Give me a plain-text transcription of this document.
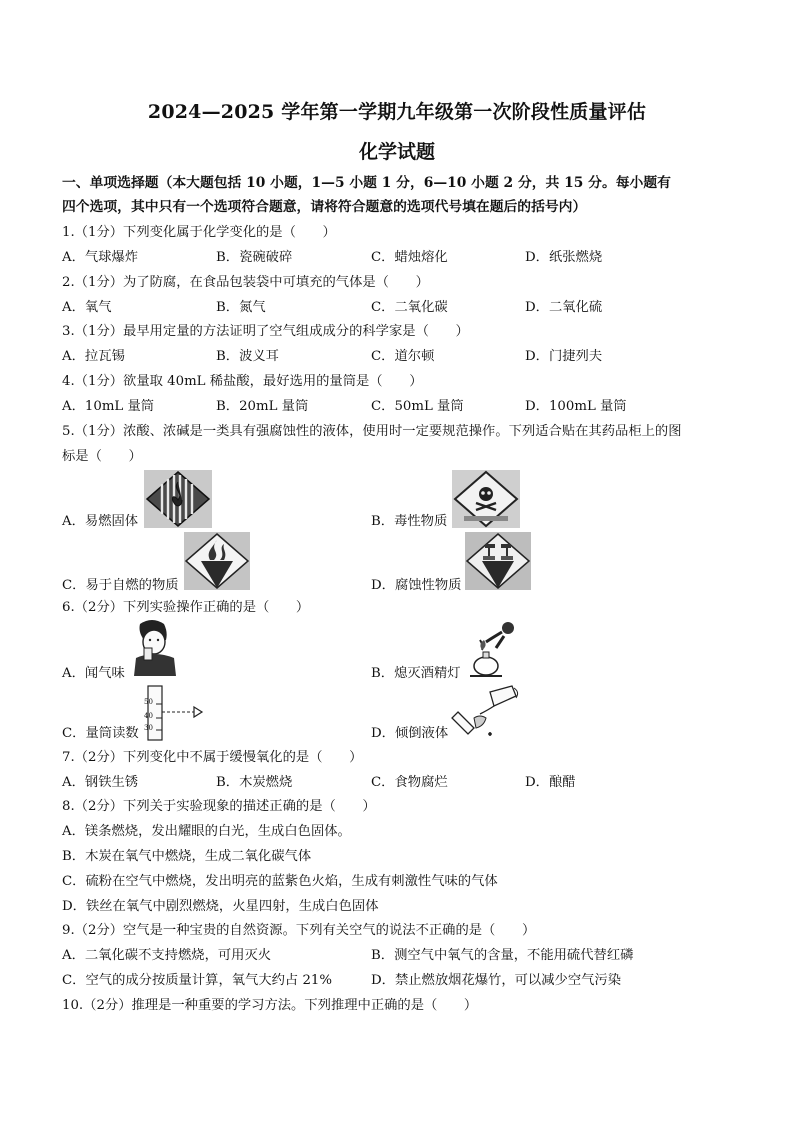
2024—2025 学年第一学期九年级第一次阶段性质量评估
化学试题
一、单项选择题（本大题包括 10 小题，1—5 小题 1 分，6—10 小题 2 分，共 15 分。每小题有
四个选项，其中只有一个选项符合题意，请将符合题意的选项代号填在题后的括号内）
1.（1分）下列变化属于化学变化的是（　　）
A．气球爆炸	B．瓷碗破碎	C．蜡烛熔化	D．纸张燃烧
2.（1分）为了防腐，在食品包装袋中可填充的气体是（　　）
A．氧气	B．氮气	C．二氧化碳	D．二氧化硫
3.（1分）最早用定量的方法证明了空气组成成分的科学家是（　　）
A．拉瓦锡	B．波义耳	C．道尔顿	D．门捷列夫
4.（1分）欲量取 40mL 稀盐酸，最好选用的量筒是（　　）
A．10mL 量筒	B．20mL 量筒	C．50mL 量筒	D．100mL 量筒
5.（1分）浓酸、浓碱是一类具有强腐蚀性的液体，使用时一定要规范操作。下列适合贴在其药品柜上的图
标是（　　）
A．易燃固体	B．毒性物质
C．易于自燃的物质	D．腐蚀性物质
6.（2分）下列实验操作正确的是（　　）
A．闻气味	B．熄灭酒精灯
C．量筒读数
50
40
30	D．倾倒液体
7.（2分）下列变化中不属于缓慢氧化的是（　　）
A．钢铁生锈	B．木炭燃烧	C．食物腐烂	D．酿醋
8.（2分）下列关于实验现象的描述正确的是（　　）
A．镁条燃烧，发出耀眼的白光，生成白色固体。
B．木炭在氧气中燃烧，生成二氧化碳气体
C．硫粉在空气中燃烧，发出明亮的蓝紫色火焰，生成有刺激性气味的气体
D．铁丝在氧气中剧烈燃烧，火星四射，生成白色固体
9.（2分）空气是一种宝贵的自然资源。下列有关空气的说法不正确的是（　　）
A．二氧化碳不支持燃烧，可用灭火	B．测空气中氧气的含量，不能用硫代替红磷
C．空气的成分按质量计算，氧气大约占 21%	D．禁止燃放烟花爆竹，可以减少空气污染
10.（2分）推理是一种重要的学习方法。下列推理中正确的是（　　）
